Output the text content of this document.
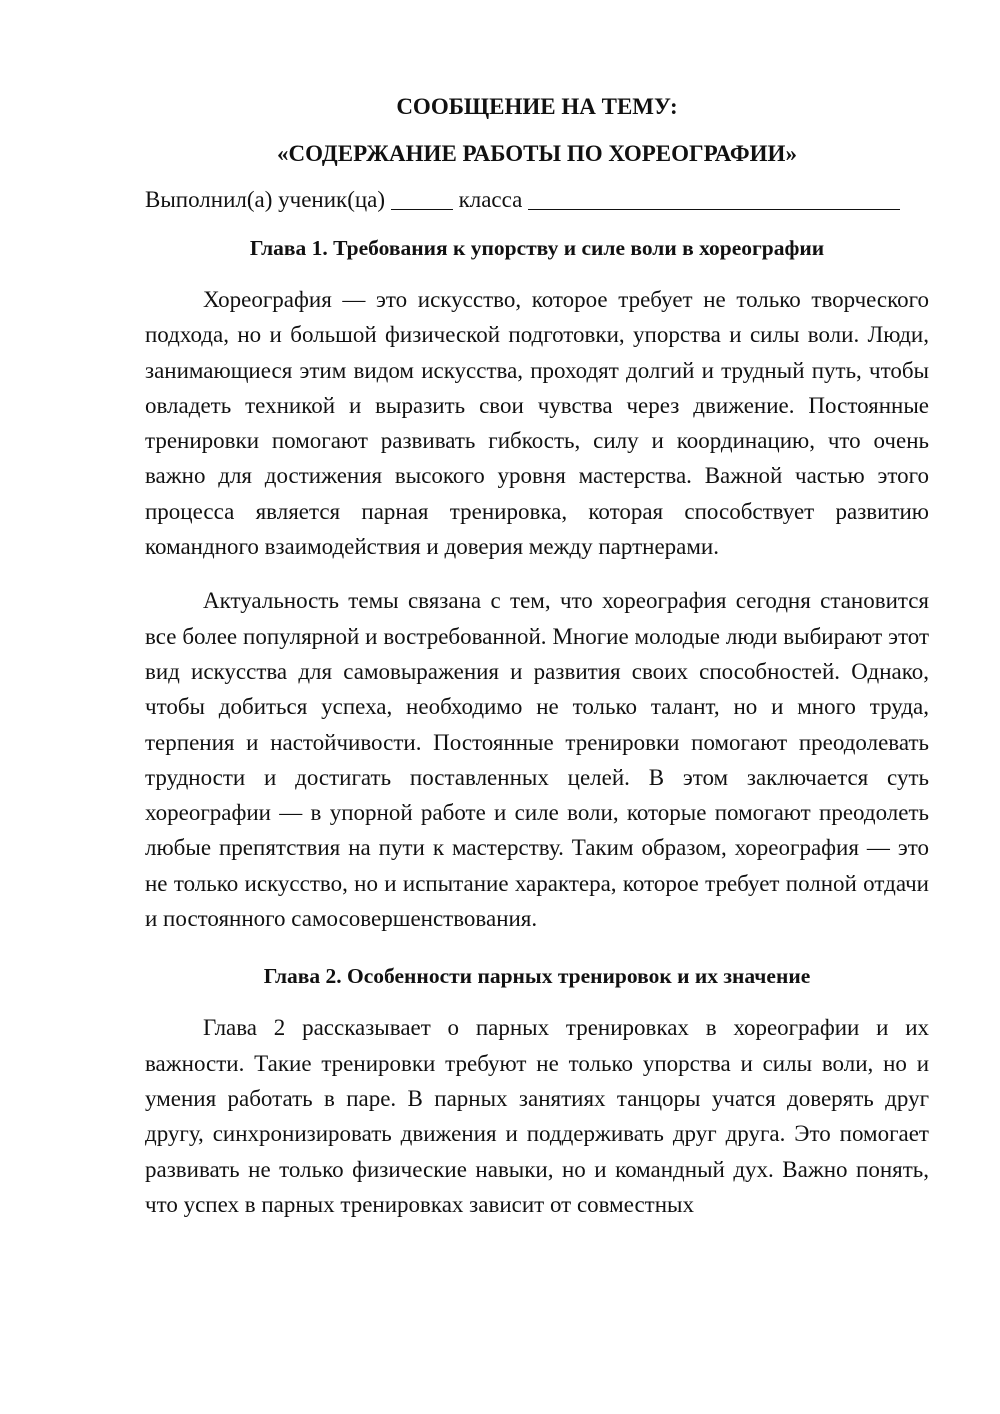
СООБЩЕНИЕ НА ТЕМУ:
«СОДЕРЖАНИЕ РАБОТЫ ПО ХОРЕОГРАФИИ»

Выполнил(а) ученик(ца)	класса

Глава 1. Требования к упорству и силе воли в хореографии

Хореография — это искусство, которое требует не только творческого подхода, но и большой физической подготовки, упорства и силы воли. Люди, занимающиеся этим видом искусства, проходят долгий и трудный путь, чтобы овладеть техникой и выразить свои чувства через движение. Постоянные тренировки помогают развивать гибкость, силу и координацию, что очень важно для достижения высокого уровня мастерства. Важной частью этого процесса является парная тренировка, которая способствует развитию командного взаимодействия и доверия между партнерами.

Актуальность темы связана с тем, что хореография сегодня становится все более популярной и востребованной. Многие молодые люди выбирают этот вид искусства для самовыражения и развития своих способностей. Однако, чтобы добиться успеха, необходимо не только талант, но и много труда, терпения и настойчивости. Постоянные тренировки помогают преодолевать трудности и достигать поставленных целей. В этом заключается суть хореографии — в упорной работе и силе воли, которые помогают преодолеть любые препятствия на пути к мастерству. Таким образом, хореография — это не только искусство, но и испытание характера, которое требует полной отдачи и постоянного самосовершенствования.

Глава 2. Особенности парных тренировок и их значение

Глава 2 рассказывает о парных тренировках в хореографии и их важности. Такие тренировки требуют не только упорства и силы воли, но и умения работать в паре. В парных занятиях танцоры учатся доверять друг другу, синхронизировать движения и поддерживать друг друга. Это помогает развивать не только физические навыки, но и командный дух. Важно понять, что успех в парных тренировках зависит от совместных
